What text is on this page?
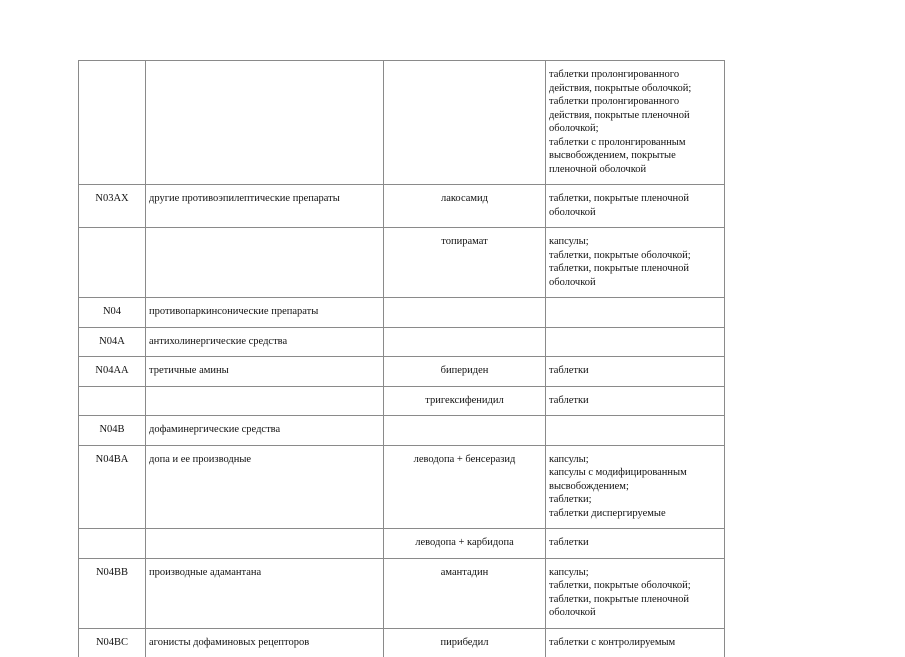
			таблетки пролонгированного действия, покрытые оболочкой;
таблетки пролонгированного действия, покрытые пленочной оболочкой;
таблетки с пролонгированным высвобождением, покрытые пленочной оболочкой

N03AX	другие противоэпилептические препараты	лакосамид	таблетки, покрытые пленочной оболочкой

		топирамат	капсулы;
таблетки, покрытые оболочкой;
таблетки, покрытые пленочной оболочкой

N04	противопаркинсонические препараты		
N04A	антихолинергические средства		
N04AA	третичные амины	бипериден	таблетки

		тригексифенидил	таблетки

N04B	дофаминергические средства		
N04BA	допа и ее производные	леводопа + бенсеразид	капсулы;
капсулы с модифицированным высвобождением;
таблетки;
таблетки диспергируемые

		леводопа + карбидопа	таблетки

N04BB	производные адамантана	амантадин	капсулы;
таблетки, покрытые оболочкой;
таблетки, покрытые пленочной оболочкой

N04BC	агонисты дофаминовых рецепторов	пирибедил	таблетки с контролируемым
